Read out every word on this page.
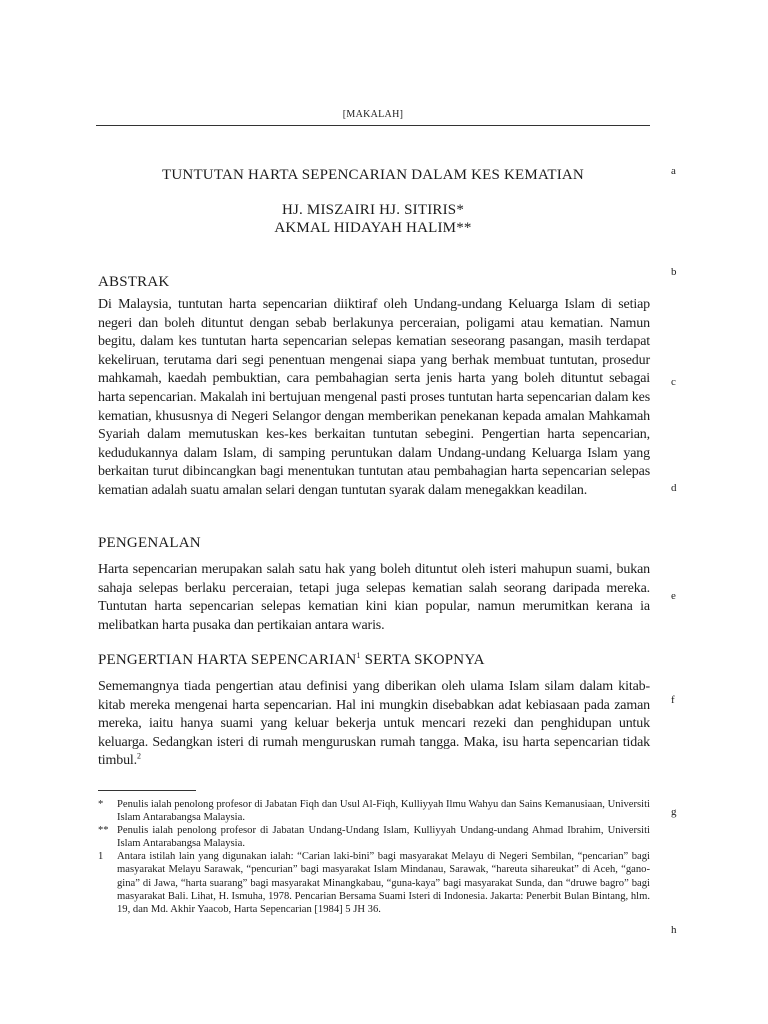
[MAKALAH]
TUNTUTAN HARTA SEPENCARIAN DALAM KES KEMATIAN
HJ. MISZAIRI HJ. SITIRIS*
AKMAL HIDAYAH HALIM**
ABSTRAK
Di Malaysia, tuntutan harta sepencarian diiktiraf oleh Undang-undang Keluarga Islam di setiap negeri dan boleh dituntut dengan sebab berlakunya perceraian, poligami atau kematian. Namun begitu, dalam kes tuntutan harta sepencarian selepas kematian seseorang pasangan, masih terdapat kekeliruan, terutama dari segi penentuan mengenai siapa yang berhak membuat tuntutan, prosedur mahkamah, kaedah pembuktian, cara pembahagian serta jenis harta yang boleh dituntut sebagai harta sepencarian. Makalah ini bertujuan mengenal pasti proses tuntutan harta sepencarian dalam kes kematian, khususnya di Negeri Selangor dengan memberikan penekanan kepada amalan Mahkamah Syariah dalam memutuskan kes-kes berkaitan tuntutan sebegini. Pengertian harta sepencarian, kedudukannya dalam Islam, di samping peruntukan dalam Undang-undang Keluarga Islam yang berkaitan turut dibincangkan bagi menentukan tuntutan atau pembahagian harta sepencarian selepas kematian adalah suatu amalan selari dengan tuntutan syarak dalam menegakkan keadilan.
PENGENALAN
Harta sepencarian merupakan salah satu hak yang boleh dituntut oleh isteri mahupun suami, bukan sahaja selepas berlaku perceraian, tetapi juga selepas kematian salah seorang daripada mereka. Tuntutan harta sepencarian selepas kematian kini kian popular, namun merumitkan kerana ia melibatkan harta pusaka dan pertikaian antara waris.
PENGERTIAN HARTA SEPENCARIAN$^1$ SERTA SKOPNYA
Sememangnya tiada pengertian atau definisi yang diberikan oleh ulama Islam silam dalam kitab-kitab mereka mengenai harta sepencarian. Hal ini mungkin disebabkan adat kebiasaan pada zaman mereka, iaitu hanya suami yang keluar bekerja untuk mencari rezeki dan penghidupan untuk keluarga. Sedangkan isteri di rumah menguruskan rumah tangga. Maka, isu harta sepencarian tidak timbul.$^2$
* Penulis ialah penolong profesor di Jabatan Fiqh dan Usul Al-Fiqh, Kulliyyah Ilmu Wahyu dan Sains Kemanusiaan, Universiti Islam Antarabangsa Malaysia.
** Penulis ialah penolong profesor di Jabatan Undang-Undang Islam, Kulliyyah Undang-undang Ahmad Ibrahim, Universiti Islam Antarabangsa Malaysia.
1 Antara istilah lain yang digunakan ialah: “Carian laki-bini” bagi masyarakat Melayu di Negeri Sembilan, “pencarian” bagi masyarakat Melayu Sarawak, “pencurian” bagi masyarakat Islam Mindanau, Sarawak, “hareuta sihareukat” di Aceh, “gano-gina” di Jawa, “harta suarang” bagi masyarakat Minangkabau, “guna-kaya” bagi masyarakat Sunda, dan “druwe bagro” bagi masyarakat Bali. Lihat, H. Ismuha, 1978. Pencarian Bersama Suami Isteri di Indonesia. Jakarta: Penerbit Bulan Bintang, hlm. 19, dan Md. Akhir Yaacob, Harta Sepencarian [1984] 5 JH 36.
a
b
c
d
e
f
g
h
